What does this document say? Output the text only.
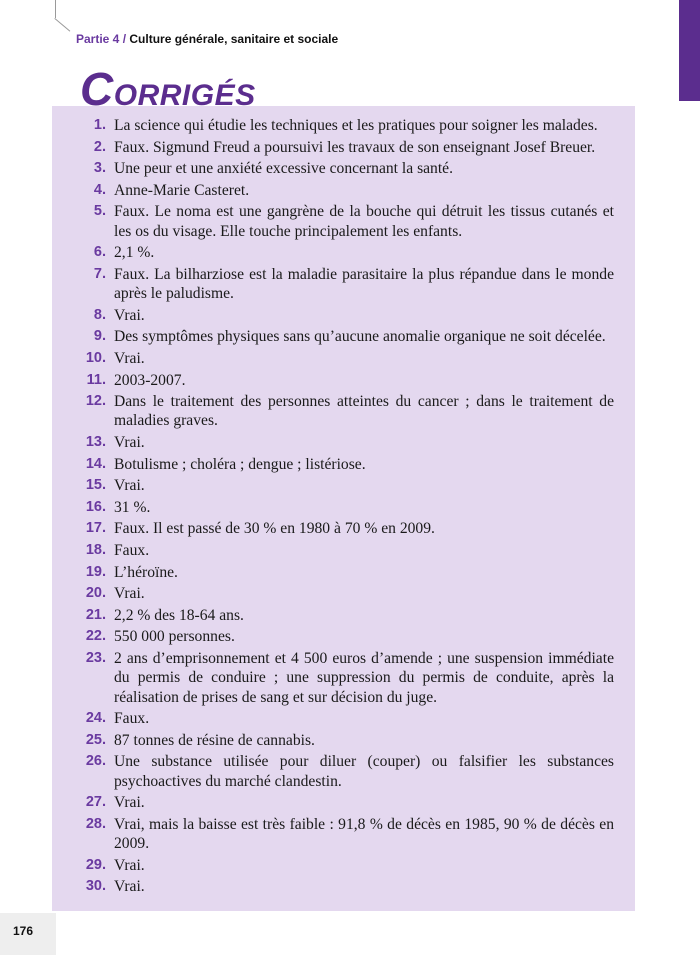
Partie 4 / Culture générale, sanitaire et sociale
CORRIGÉS
1. La science qui étudie les techniques et les pratiques pour soigner les malades.
2. Faux. Sigmund Freud a poursuivi les travaux de son enseignant Josef Breuer.
3. Une peur et une anxiété excessive concernant la santé.
4. Anne-Marie Casteret.
5. Faux. Le noma est une gangrène de la bouche qui détruit les tissus cutanés et les os du visage. Elle touche principalement les enfants.
6. 2,1 %.
7. Faux. La bilharziose est la maladie parasitaire la plus répandue dans le monde après le paludisme.
8. Vrai.
9. Des symptômes physiques sans qu’aucune anomalie organique ne soit décelée.
10. Vrai.
11. 2003-2007.
12. Dans le traitement des personnes atteintes du cancer ; dans le traitement de maladies graves.
13. Vrai.
14. Botulisme ; choléra ; dengue ; listériose.
15. Vrai.
16. 31 %.
17. Faux. Il est passé de 30 % en 1980 à 70 % en 2009.
18. Faux.
19. L’héroïne.
20. Vrai.
21. 2,2 % des 18-64 ans.
22. 550 000 personnes.
23. 2 ans d’emprisonnement et 4 500 euros d’amende ; une suspension immédiate du permis de conduire ; une suppression du permis de conduite, après la réalisation de prises de sang et sur décision du juge.
24. Faux.
25. 87 tonnes de résine de cannabis.
26. Une substance utilisée pour diluer (couper) ou falsifier les substances psychoactives du marché clandestin.
27. Vrai.
28. Vrai, mais la baisse est très faible : 91,8 % de décès en 1985, 90 % de décès en 2009.
29. Vrai.
30. Vrai.
176
